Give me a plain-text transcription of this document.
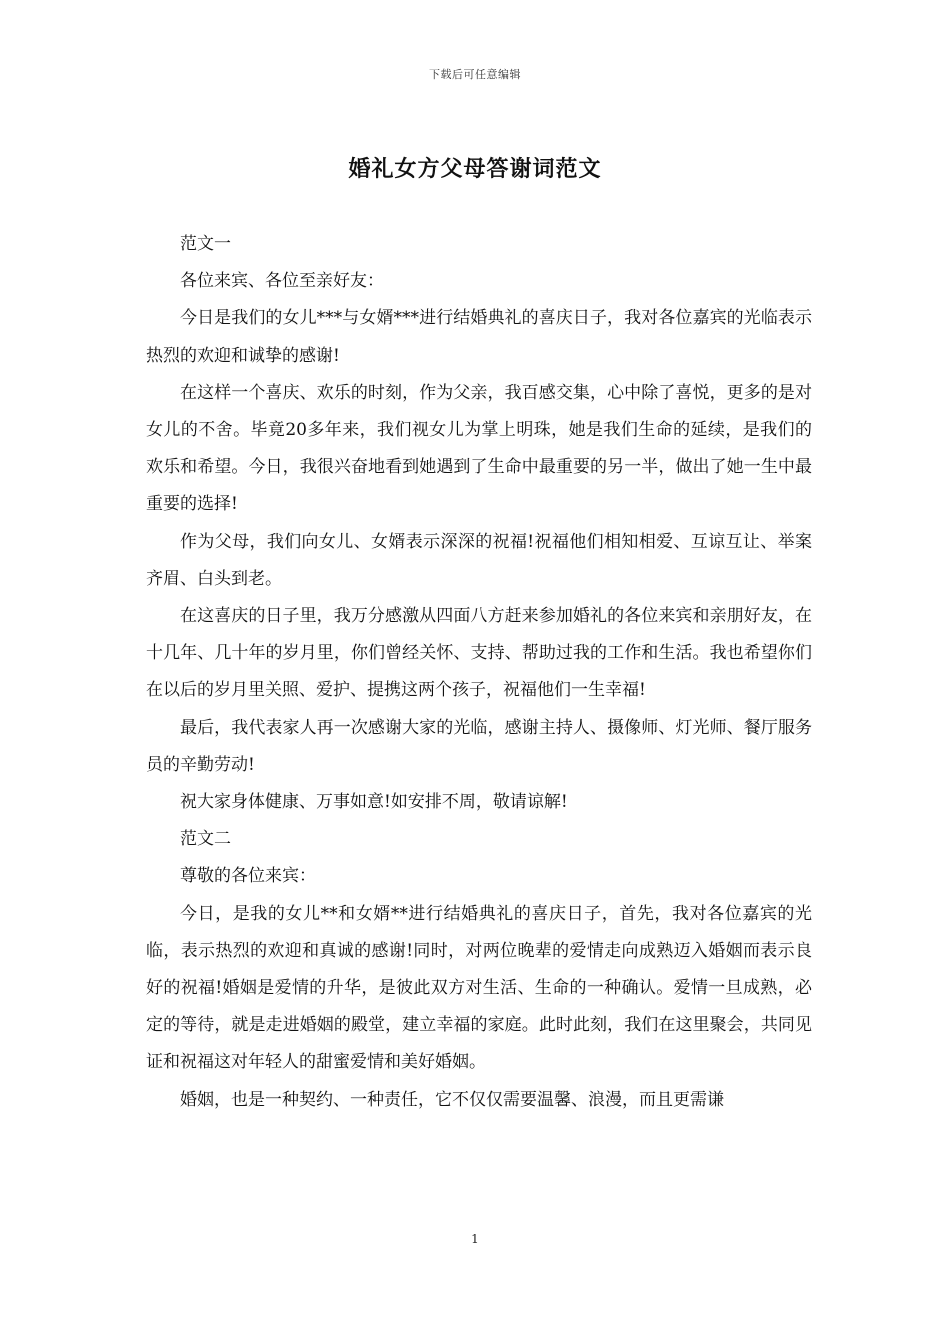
下载后可任意编辑
婚礼女方父母答谢词范文

范文一

各位来宾、各位至亲好友：

今日是我们的女儿***与女婿***进行结婚典礼的喜庆日子，我对各位嘉宾的光临表示热烈的欢迎和诚挚的感谢!

在这样一个喜庆、欢乐的时刻，作为父亲，我百感交集，心中除了喜悦，更多的是对女儿的不舍。毕竟20多年来，我们视女儿为掌上明珠，她是我们生命的延续，是我们的欢乐和希望。今日，我很兴奋地看到她遇到了生命中最重要的另一半，做出了她一生中最重要的选择!

作为父母，我们向女儿、女婿表示深深的祝福!祝福他们相知相爱、互谅互让、举案齐眉、白头到老。

在这喜庆的日子里，我万分感激从四面八方赶来参加婚礼的各位来宾和亲朋好友，在十几年、几十年的岁月里，你们曾经关怀、支持、帮助过我的工作和生活。我也希望你们在以后的岁月里关照、爱护、提携这两个孩子，祝福他们一生幸福!

最后，我代表家人再一次感谢大家的光临，感谢主持人、摄像师、灯光师、餐厅服务员的辛勤劳动!

祝大家身体健康、万事如意!如安排不周，敬请谅解!

范文二

尊敬的各位来宾：

今日，是我的女儿**和女婿**进行结婚典礼的喜庆日子，首先，我对各位嘉宾的光临，表示热烈的欢迎和真诚的感谢!同时，对两位晚辈的爱情走向成熟迈入婚姻而表示良好的祝福!婚姻是爱情的升华，是彼此双方对生活、生命的一种确认。爱情一旦成熟，必定的等待，就是走进婚姻的殿堂，建立幸福的家庭。此时此刻，我们在这里聚会，共同见证和祝福这对年轻人的甜蜜爱情和美好婚姻。

婚姻，也是一种契约、一种责任，它不仅仅需要温馨、浪漫，而且更需谦

1
